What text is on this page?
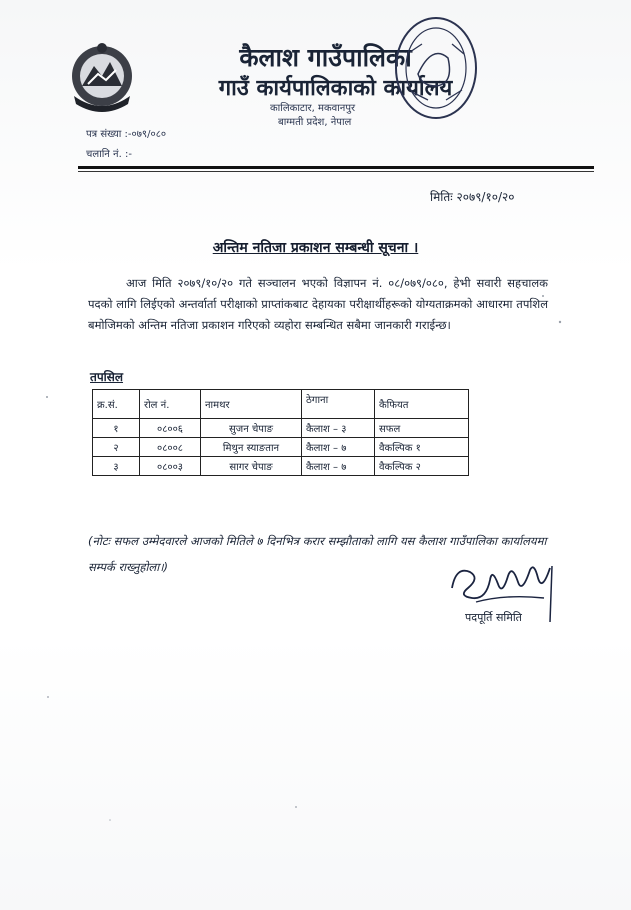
कैलाश गाउँपालिका
गाउँ कार्यपालिकाको कार्यालय
कालिकाटार, मकवानपुर
बाग्मती प्रदेश, नेपाल
पत्र संख्या :-०७९/०८०
चलानि नं. :-
मितिः २०७९/१०/२०
अन्तिम नतिजा प्रकाशन सम्बन्धी सूचना ।
आज मिति २०७९/१०/२० गते सञ्चालन भएको विज्ञापन नं. ०८/०७९/०८०, हेभी सवारी सहचालक पदको लागि लिईएको अन्तर्वार्ता परीक्षाको प्राप्तांकबाट देहायका परीक्षार्थीहरूको योग्यताक्रमको आधारमा तपशिल बमोजिमको अन्तिम नतिजा प्रकाशन गरिएको व्यहोरा सम्बन्धित सबैमा जानकारी गराईन्छ।
तपसिल
क्र.सं.	रोल नं.	नामथर	ठेगाना	कैफियत
१	०८००६	सुजन चेपाङ	कैलाश – ३	सफल
२	०८००८	मिथुन स्याङतान	कैलाश – ७	वैकल्पिक १
३	०८००३	सागर चेपाङ	कैलाश – ७	वैकल्पिक २
(नोटः सफल उम्मेदवारले आजको मितिले ७ दिनभित्र करार सम्झौताको लागि यस कैलाश गाउँपालिका कार्यालयमा सम्पर्क राख्नुहोला।)
पदपूर्ति समिति
